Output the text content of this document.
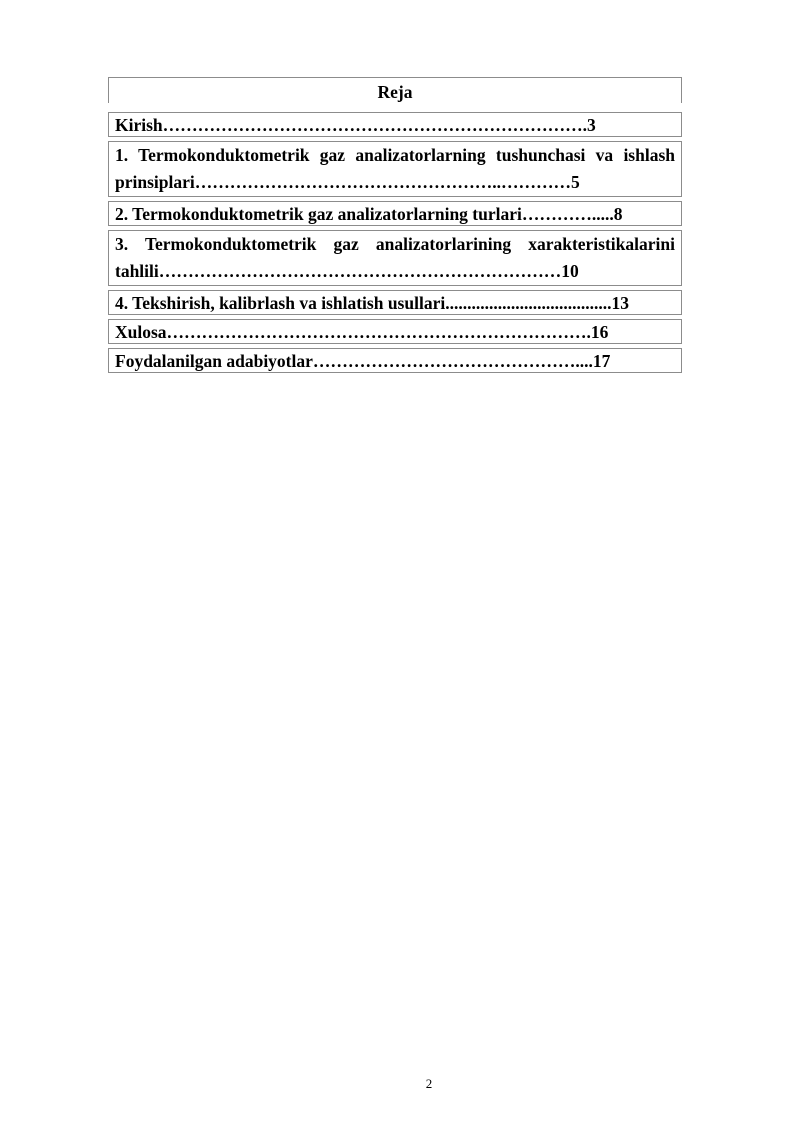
Reja
Kirish……………………………………………………………….3
1. Termokonduktometrik gaz analizatorlarning tushunchasi va ishlash
prinsiplari……………………………………………..…………5
2. Termokonduktometrik gaz analizatorlarning turlari………….....8
3. Termokonduktometrik gaz analizatorlarining xarakteristikalarini
tahlili……………………………………………………………10
4. Tekshirish, kalibrlash va ishlatish usullari......................................13
Xulosa……………………………………………………………….16
Foydalanilgan adabiyotlar………………………………………....17
2
